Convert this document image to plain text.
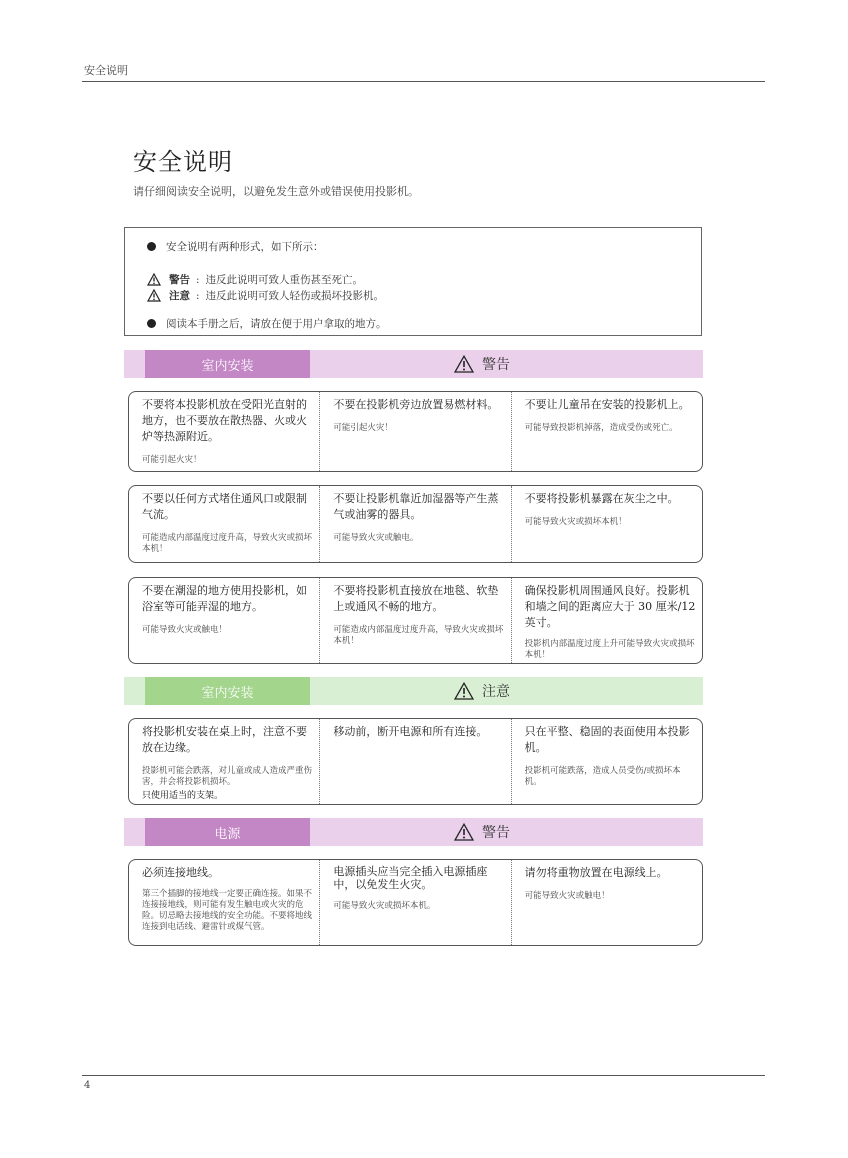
安全说明
安全说明
请仔细阅读安全说明，以避免发生意外或错误使用投影机。
安全说明有两种形式，如下所示：
警告 : 违反此说明可致人重伤甚至死亡。
注意 : 违反此说明可致人轻伤或损坏投影机。
阅读本手册之后，请放在便于用户拿取的地方。
室内安装	警告
不要将本投影机放在受阳光直射的地方，也不要放在散热器、火或火炉等热源附近。
可能引起火灾！
不要在投影机旁边放置易燃材料。
可能引起火灾！
不要让儿童吊在安装的投影机上。
可能导致投影机掉落，造成受伤或死亡。
不要以任何方式堵住通风口或限制气流。
可能造成内部温度过度升高，导致火灾或损坏本机！
不要让投影机靠近加湿器等产生蒸气或油雾的器具。
可能导致火灾或触电。
不要将投影机暴露在灰尘之中。
可能导致火灾或损坏本机！
不要在潮湿的地方使用投影机，如浴室等可能弄湿的地方。
可能导致火灾或触电！
不要将投影机直接放在地毯、软垫上或通风不畅的地方。
可能造成内部温度过度升高，导致火灾或损坏本机！
确保投影机周围通风良好。投影机和墙之间的距离应大于 30 厘米/12 英寸。
投影机内部温度过度上升可能导致火灾或损坏本机！
室内安装	注意
将投影机安装在桌上时，注意不要放在边缘。
投影机可能会跌落，对儿童或成人造成严重伤害，并会将投影机损坏。
只使用适当的支架。
移动前，断开电源和所有连接。	只在平整、稳固的表面使用本投影机。
投影机可能跌落，造成人员受伤/或损坏本机。
电源	警告
必须连接地线。
第三个插脚的接地线一定要正确连接。如果不连接接地线，则可能有发生触电或火灾的危险。切忌略去接地线的安全功能。不要将地线连接到电话线、避雷针或煤气管。
电源插头应当完全插入电源插座中，以免发生火灾。
可能导致火灾或损坏本机。
请勿将重物放置在电源线上。
可能导致火灾或触电！
4
